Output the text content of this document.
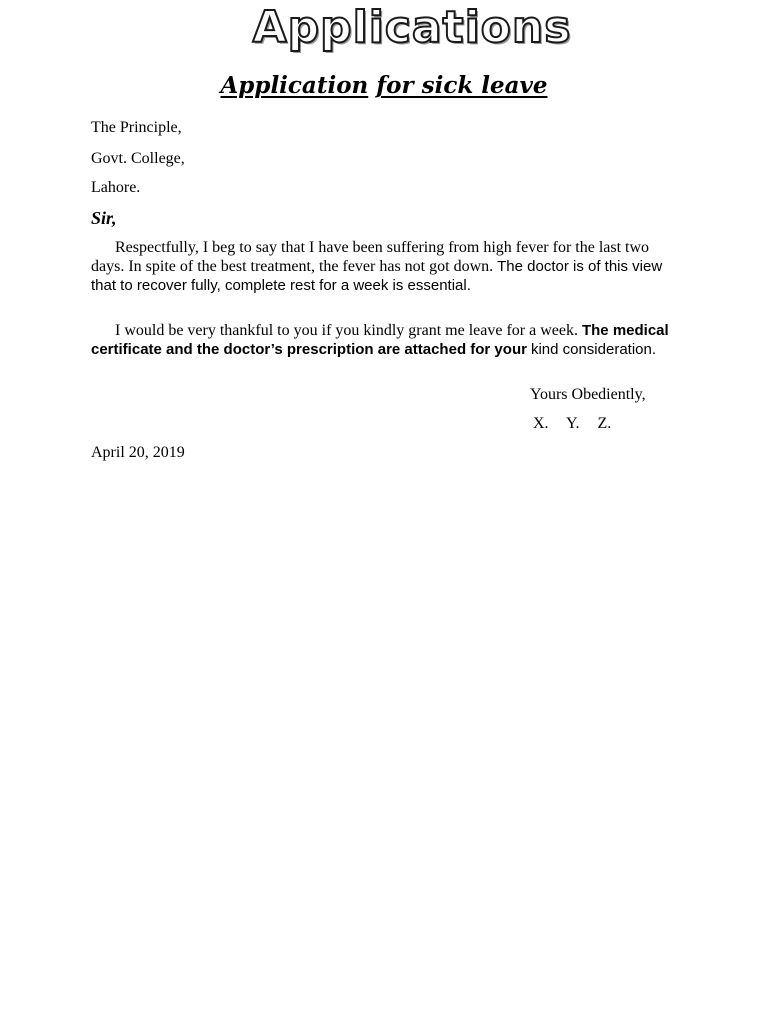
Applications
Application for sick leave
The Principle,
Govt. College,
Lahore.
Sir,
Respectfully, I beg to say that I have been suffering from high fever for the last two days. In spite of the best treatment, the fever has not got down. The doctor is of this view that to recover fully, complete rest for a week is essential.
I would be very thankful to you if you kindly grant me leave for a week. The medical certificate and the doctor’s prescription are attached for your kind consideration.
Yours Obediently,
X. Y. Z.
April 20, 2019
